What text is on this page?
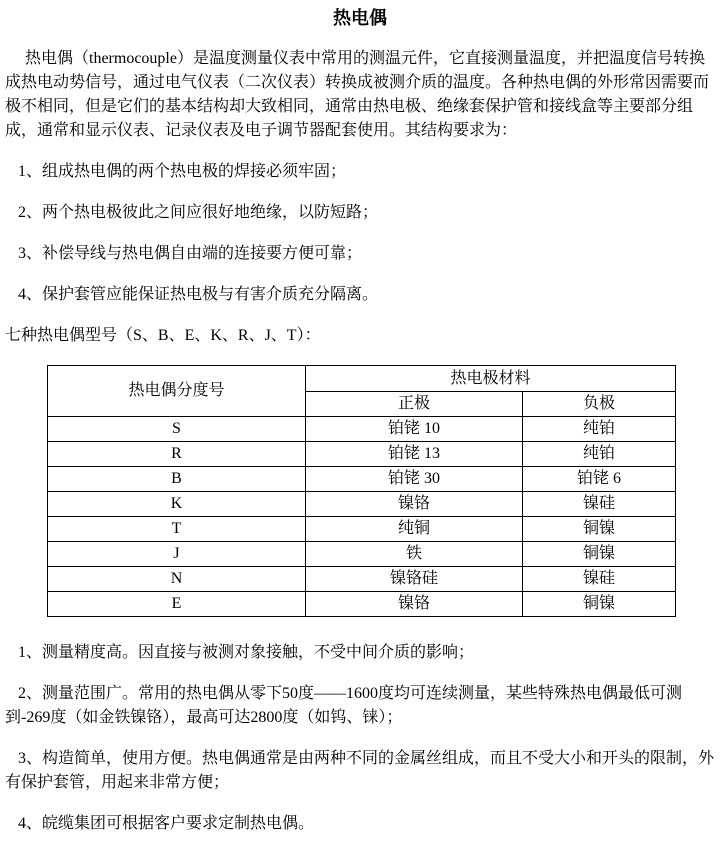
热电偶

热电偶（thermocouple）是温度测量仪表中常用的测温元件，它直接测量温度，并把温度信号转换成热电动势信号，通过电气仪表（二次仪表）转换成被测介质的温度。各种热电偶的外形常因需要而极不相同，但是它们的基本结构却大致相同，通常由热电极、绝缘套保护管和接线盒等主要部分组成，通常和显示仪表、记录仪表及电子调节器配套使用。其结构要求为：

1、组成热电偶的两个热电极的焊接必须牢固；

2、两个热电极彼此之间应很好地绝缘，以防短路；

3、补偿导线与热电偶自由端的连接要方便可靠；

4、保护套管应能保证热电极与有害介质充分隔离。

七种热电偶型号（S、B、E、K、R、J、T）：

热电偶分度号	热电极材料	
	正极	负极
S	铂铑 10	纯铂
R	铂铑 13	纯铂
B	铂铑 30	铂铑 6
K	镍铬	镍硅
T	纯铜	铜镍
J	铁	铜镍
N	镍铬硅	镍硅
E	镍铬	铜镍

1、测量精度高。因直接与被测对象接触，不受中间介质的影响；

2、测量范围广。常用的热电偶从零下50度——1600度均可连续测量，某些特殊热电偶最低可测到-269度（如金铁镍铬），最高可达2800度（如钨、铼）；

3、构造简单，使用方便。热电偶通常是由两种不同的金属丝组成，而且不受大小和开头的限制，外有保护套管，用起来非常方便；

4、皖缆集团可根据客户要求定制热电偶。
